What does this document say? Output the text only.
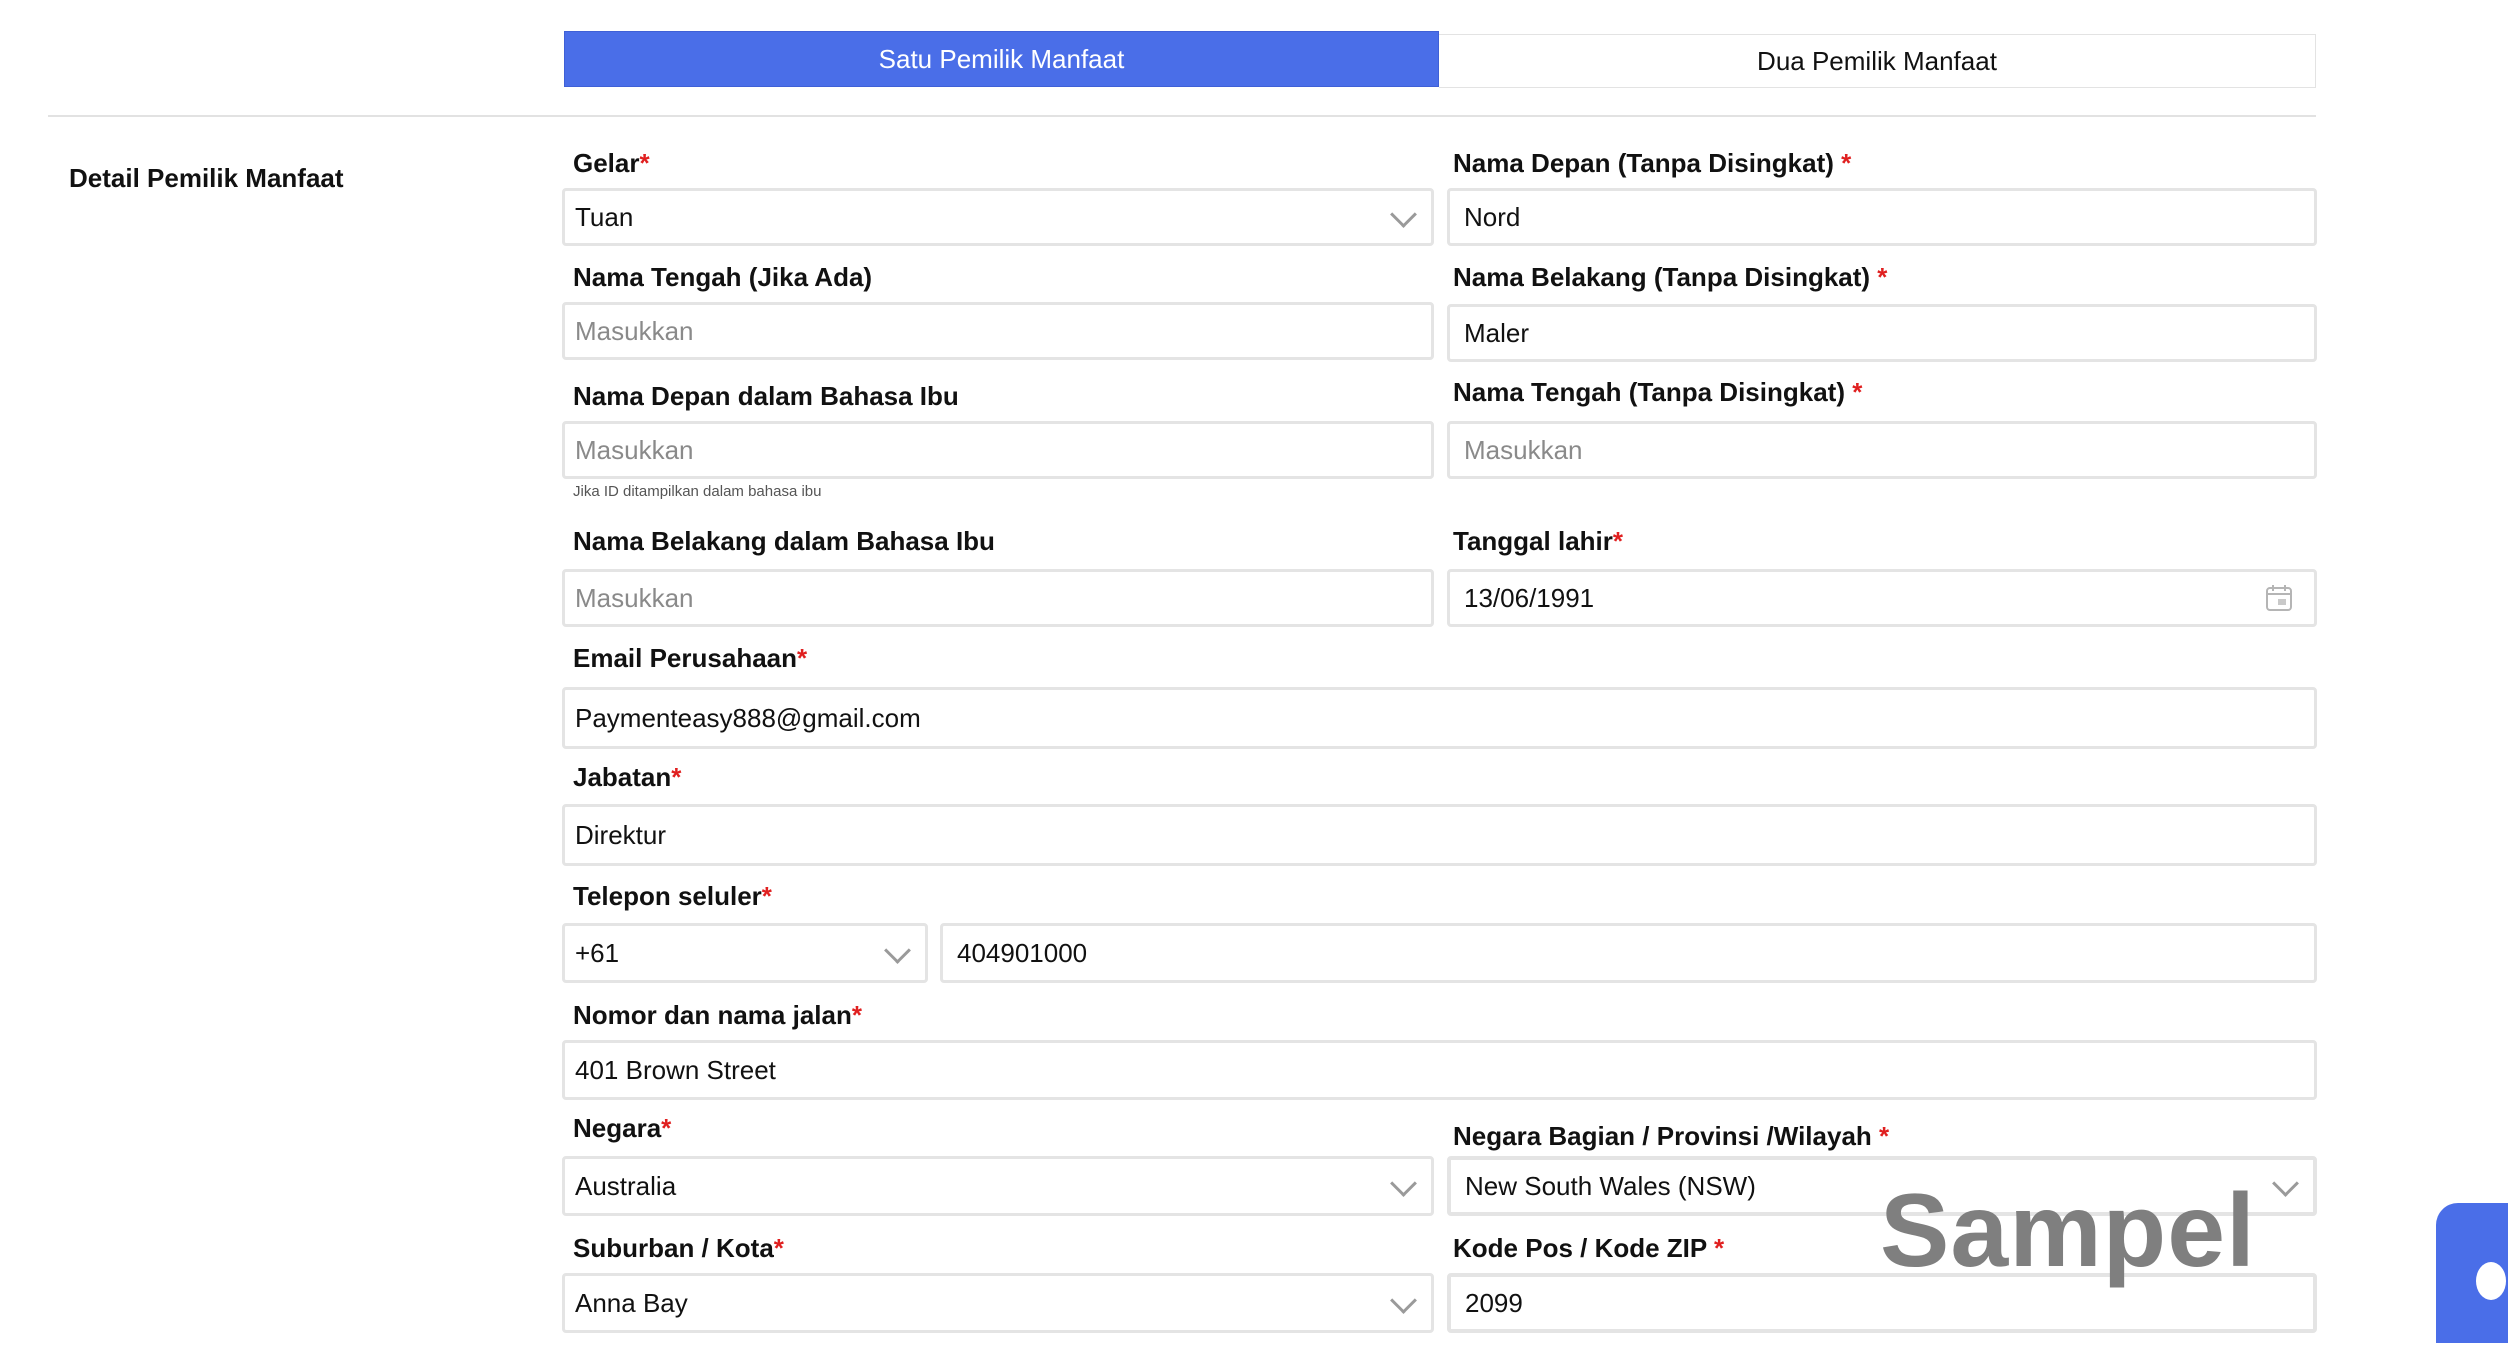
Satu Pemilik Manfaat	Dua Pemilik Manfaat
Detail Pemilik Manfaat	Gelar*
Tuan
Nama Depan (Tanpa Disingkat) *
Nord
Nama Tengah (Jika Ada)
Masukkan	Nama Belakang (Tanpa Disingkat) *
Maler
Nama Depan dalam Bahasa Ibu
Masukkan
Jika ID ditampilkan dalam bahasa ibu
Nama Tengah (Tanpa Disingkat) *
Masukkan
Nama Belakang dalam Bahasa Ibu
Masukkan	Tanggal lahir*
13/06/1991
Email Perusahaan*
Paymenteasy888@gmail.com
Jabatan*
Direktur
Telepon seluler*
+61	404901000
Nomor dan nama jalan*
401 Brown Street
Negara*
Australia
Negara Bagian / Provinsi /Wilayah *
New South Wales (NSW)
Suburban / Kota*
Anna Bay
Kode Pos / Kode ZIP *
2099
Sampel
